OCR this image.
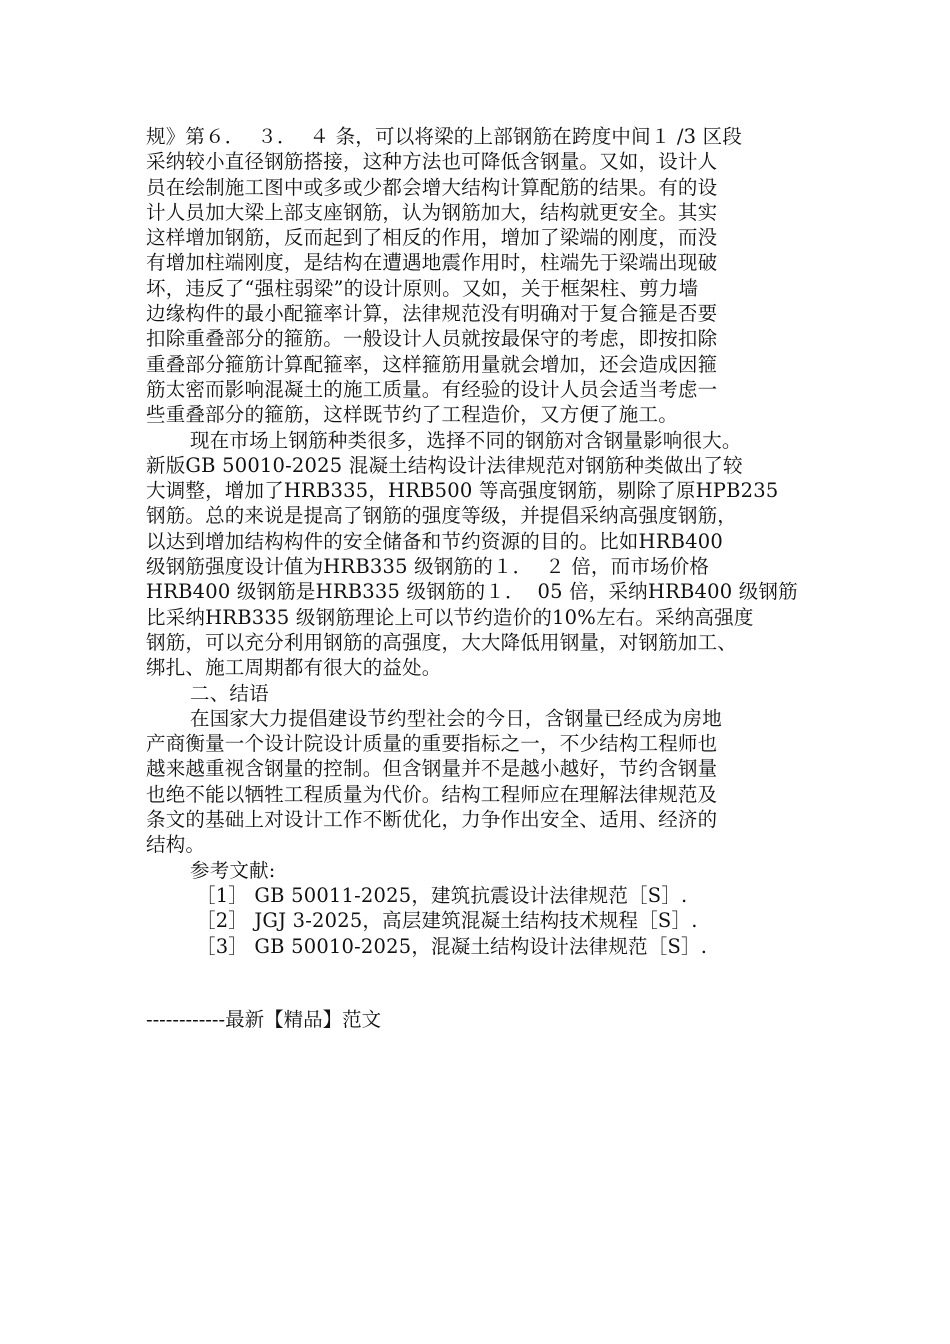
规》第６．  ３．  ４ 条，可以将梁的上部钢筋在跨度中间１ /3 区段
采纳较小直径钢筋搭接，这种方法也可降低含钢量。又如，设计人
员在绘制施工图中或多或少都会增大结构计算配筋的结果。有的设
计人员加大梁上部支座钢筋，认为钢筋加大，结构就更安全。其实
这样增加钢筋，反而起到了相反的作用，增加了梁端的刚度，而没
有增加柱端刚度，是结构在遭遇地震作用时，柱端先于梁端出现破
坏，违反了“强柱弱梁”的设计原则。又如，关于框架柱、剪力墙
边缘构件的最小配箍率计算，法律规范没有明确对于复合箍是否要
扣除重叠部分的箍筋。一般设计人员就按最保守的考虑，即按扣除
重叠部分箍筋计算配箍率，这样箍筋用量就会增加，还会造成因箍
筋太密而影响混凝土的施工质量。有经验的设计人员会适当考虑一
些重叠部分的箍筋，这样既节约了工程造价，又方便了施工。
现在市场上钢筋种类很多，选择不同的钢筋对含钢量影响很大。
新版GB 50010-2025 混凝土结构设计法律规范对钢筋种类做出了较
大调整，增加了HRB335，HRB500 等高强度钢筋，剔除了原HPB235
钢筋。总的来说是提高了钢筋的强度等级，并提倡采纳高强度钢筋，
以达到增加结构构件的安全储备和节约资源的目的。比如HRB400
级钢筋强度设计值为HRB335 级钢筋的１．  ２ 倍，而市场价格
HRB400 级钢筋是HRB335 级钢筋的１．  05 倍，采纳HRB400 级钢筋
比采纳HRB335 级钢筋理论上可以节约造价的10%左右。采纳高强度
钢筋，可以充分利用钢筋的高强度，大大降低用钢量，对钢筋加工、
绑扎、施工周期都有很大的益处。
二、结语
在国家大力提倡建设节约型社会的今日，含钢量已经成为房地
产商衡量一个设计院设计质量的重要指标之一，不少结构工程师也
越来越重视含钢量的控制。但含钢量并不是越小越好，节约含钢量
也绝不能以牺牲工程质量为代价。结构工程师应在理解法律规范及
条文的基础上对设计工作不断优化，力争作出安全、适用、经济的
结构。
参考文献:
［1］ GB 50011-2025，建筑抗震设计法律规范［S］.
［2］ JGJ 3-2025，高层建筑混凝土结构技术规程［S］.
［3］ GB 50010-2025，混凝土结构设计法律规范［S］.
------------最新【精品】范文
